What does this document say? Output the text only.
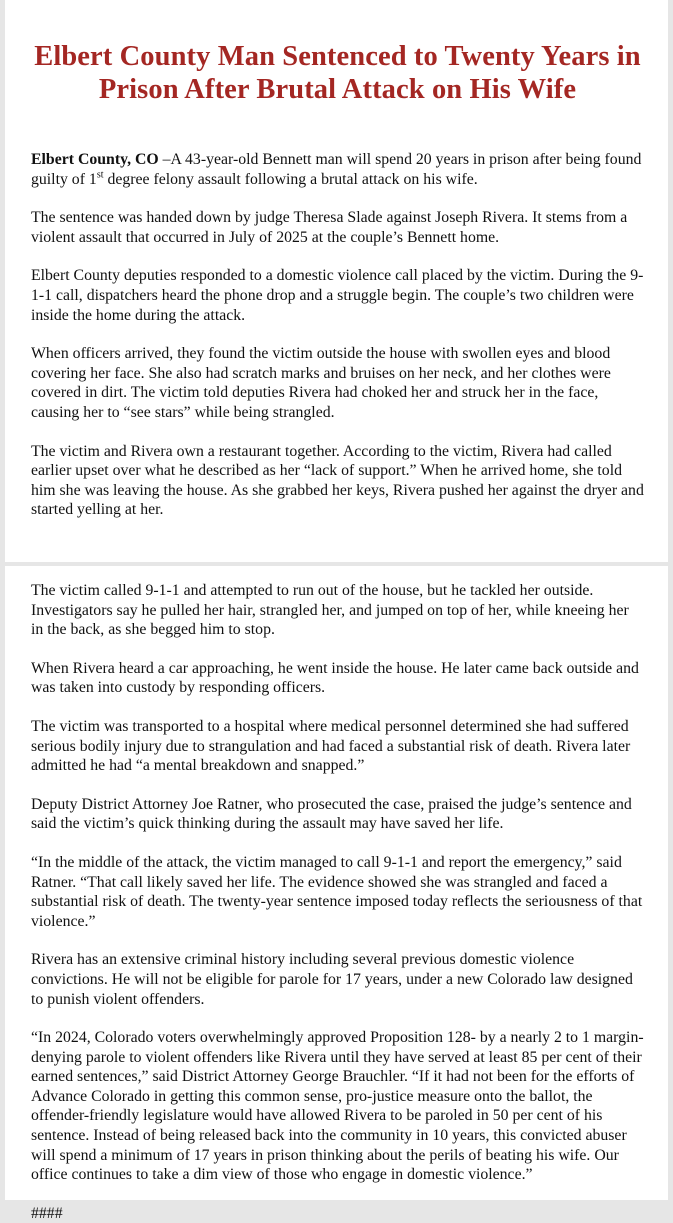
Elbert County Man Sentenced to Twenty Years in Prison After Brutal Attack on His Wife

Elbert County, CO –A 43-year-old Bennett man will spend 20 years in prison after being found guilty of 1st degree felony assault following a brutal attack on his wife.

The sentence was handed down by judge Theresa Slade against Joseph Rivera. It stems from a violent assault that occurred in July of 2025 at the couple’s Bennett home.

Elbert County deputies responded to a domestic violence call placed by the victim. During the 9-1-1 call, dispatchers heard the phone drop and a struggle begin. The couple’s two children were inside the home during the attack.

When officers arrived, they found the victim outside the house with swollen eyes and blood covering her face. She also had scratch marks and bruises on her neck, and her clothes were covered in dirt. The victim told deputies Rivera had choked her and struck her in the face, causing her to “see stars” while being strangled.

The victim and Rivera own a restaurant together. According to the victim, Rivera had called earlier upset over what he described as her “lack of support.” When he arrived home, she told him she was leaving the house. As she grabbed her keys, Rivera pushed her against the dryer and started yelling at her.

The victim called 9-1-1 and attempted to run out of the house, but he tackled her outside. Investigators say he pulled her hair, strangled her, and jumped on top of her, while kneeing her in the back, as she begged him to stop.

When Rivera heard a car approaching, he went inside the house. He later came back outside and was taken into custody by responding officers.

The victim was transported to a hospital where medical personnel determined she had suffered serious bodily injury due to strangulation and had faced a substantial risk of death. Rivera later admitted he had “a mental breakdown and snapped.”

Deputy District Attorney Joe Ratner, who prosecuted the case, praised the judge’s sentence and said the victim’s quick thinking during the assault may have saved her life.

“In the middle of the attack, the victim managed to call 9-1-1 and report the emergency,” said Ratner. “That call likely saved her life. The evidence showed she was strangled and faced a substantial risk of death. The twenty-year sentence imposed today reflects the seriousness of that violence.”

Rivera has an extensive criminal history including several previous domestic violence convictions. He will not be eligible for parole for 17 years, under a new Colorado law designed to punish violent offenders.

“In 2024, Colorado voters overwhelmingly approved Proposition 128- by a nearly 2 to 1 margin- denying parole to violent offenders like Rivera until they have served at least 85 per cent of their earned sentences,” said District Attorney George Brauchler. “If it had not been for the efforts of Advance Colorado in getting this common sense, pro-justice measure onto the ballot, the offender-friendly legislature would have allowed Rivera to be paroled in 50 per cent of his sentence. Instead of being released back into the community in 10 years, this convicted abuser will spend a minimum of 17 years in prison thinking about the perils of beating his wife. Our office continues to take a dim view of those who engage in domestic violence.”

####
